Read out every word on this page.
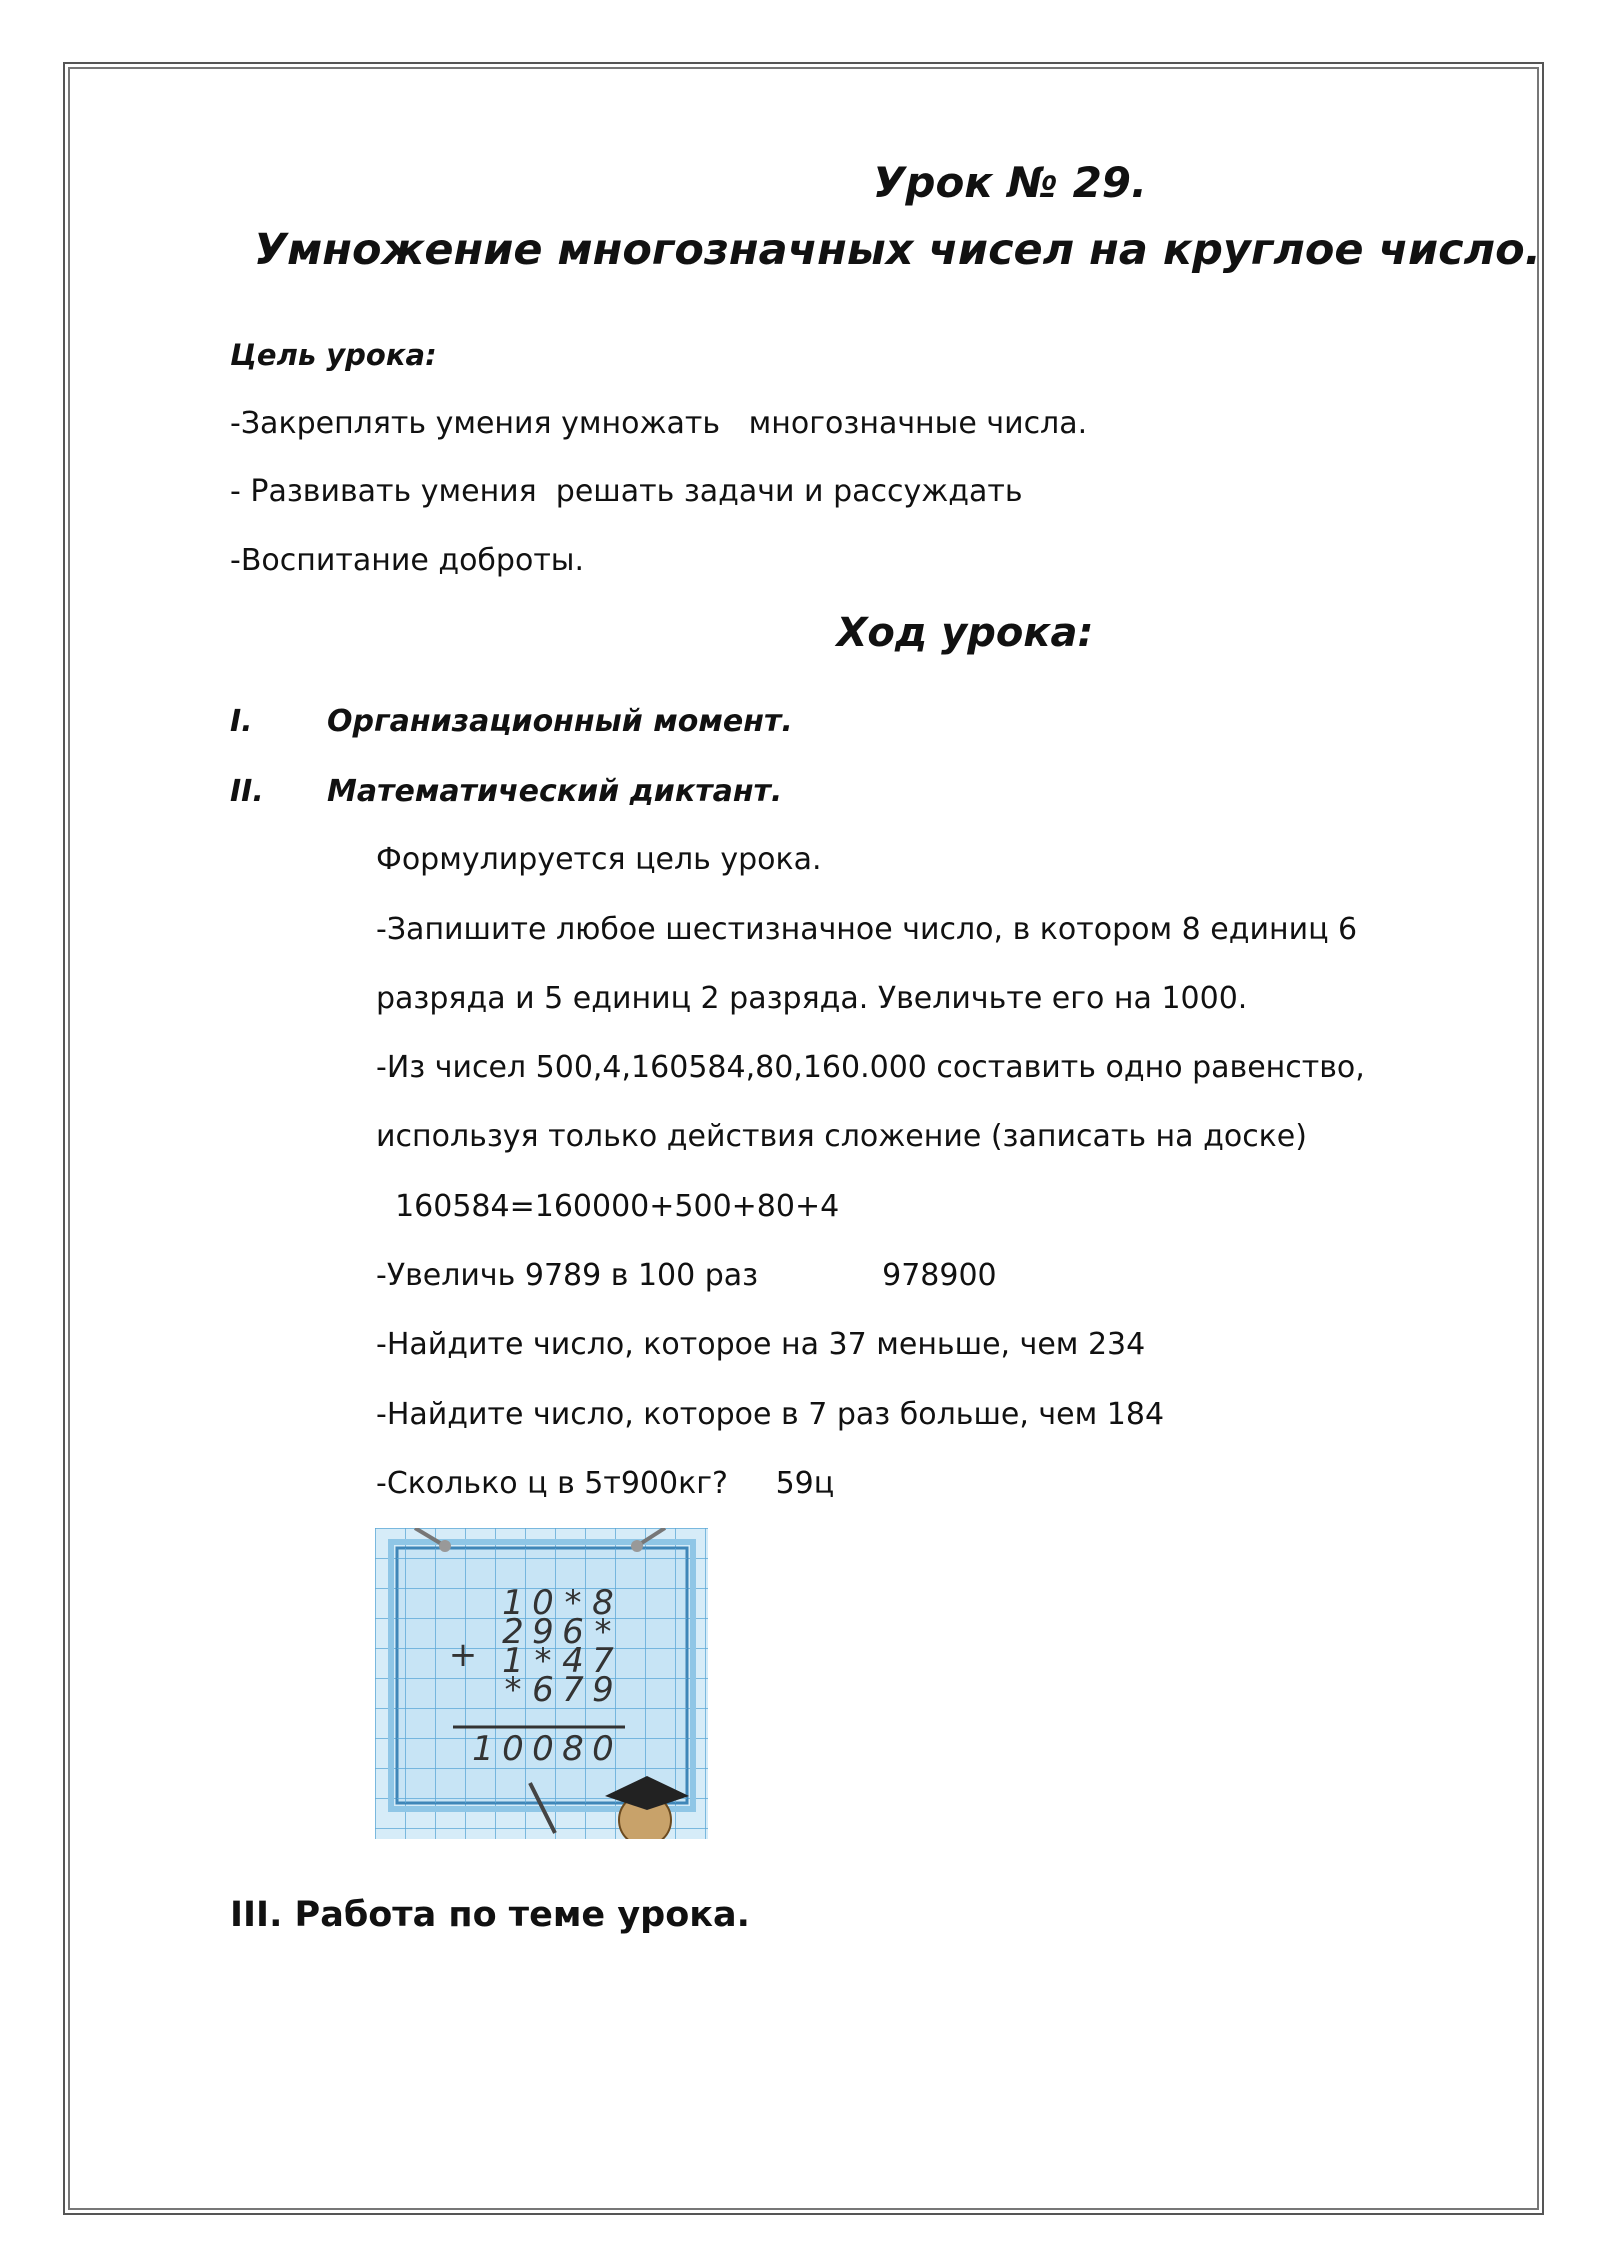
Урок № 29.
Умножение многозначных чисел на круглое число.
Цель урока:
-Закреплять умения умножать   многозначные числа.
- Развивать умения  решать задачи и рассуждать
-Воспитание доброты.
Ход урока:
I. Организационный момент.
II. Математический диктант.
Формулируется цель урока.
-Запишите любое шестизначное число, в котором 8 единиц 6
разряда и 5 единиц 2 разряда. Увеличьте его на 1000.
-Из чисел 500,4,160584,80,160.000 составить одно равенство,
используя только действия сложение (записать на доске)
160584=160000+500+80+4
-Увеличь 9789 в 100 раз             978900
-Найдите число, которое на 37 меньше, чем 234
-Найдите число, которое в 7 раз больше, чем 184
-Сколько ц в 5т900кг?     59ц
III. Работа по теме урока.
1 0 * 8
2 9 6 *
1 * 4 7
* 6 7 9
+
1 0 0 8 0
